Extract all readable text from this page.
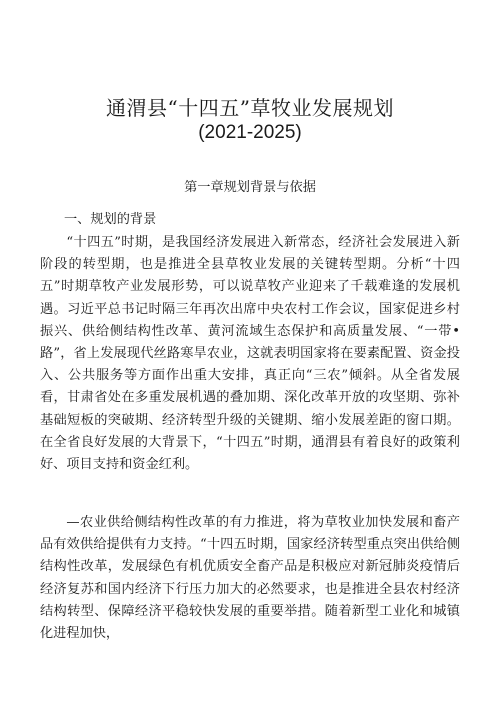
通渭县“十四五”草牧业发展规划
(2021-2025)
第一章规划背景与依据
一、规划的背景

“十四五”时期，是我国经济发展进入新常态，经济社会发展进入新阶段的转型期，也是推进全县草牧业发展的关键转型期。分析“十四五”时期草牧产业发展形势，可以说草牧产业迎来了千载难逢的发展机遇。习近平总书记时隔三年再次出席中央农村工作会议，国家促进乡村振兴、供给侧结构性改革、黄河流域生态保护和高质量发展、“一带•路”，省上发展现代丝路寒旱农业，这就表明国家将在要素配置、资金投入、公共服务等方面作出重大安排，真正向“三农”倾斜。从全省发展看，甘肃省处在多重发展机遇的叠加期、深化改革开放的攻坚期、弥补基础短板的突破期、经济转型升级的关键期、缩小发展差距的窗口期。在全省良好发展的大背景下，“十四五”时期，通渭县有着良好的政策利好、项目支持和资金红利。

—农业供给侧结构性改革的有力推进，将为草牧业加快发展和畜产品有效供给提供有力支持。“十四五时期，国家经济转型重点突出供给侧结构性改革，发展绿色有机优质安全畜产品是积极应对新冠肺炎疫情后经济复苏和国内经济下行压力加大的必然要求，也是推进全县农村经济结构转型、保障经济平稳较快发展的重要举措。随着新型工业化和城镇化进程加快，
